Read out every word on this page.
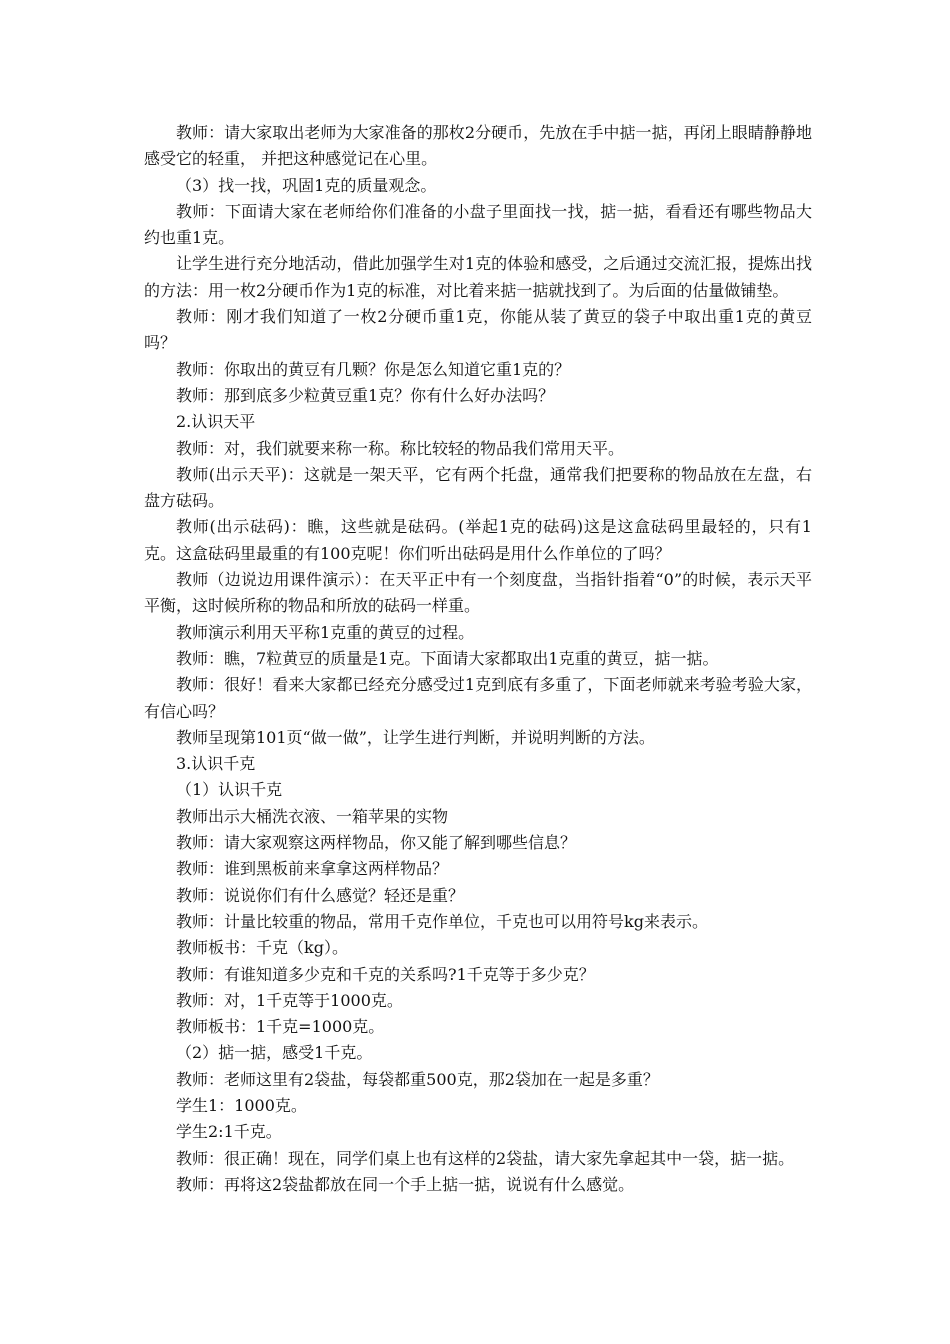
教师：请大家取出老师为大家准备的那枚2分硬币，先放在手中掂一掂，再闭上眼睛静静地感受它的轻重， 并把这种感觉记在心里。

（3）找一找，巩固1克的质量观念。

教师：下面请大家在老师给你们准备的小盘子里面找一找，掂一掂，看看还有哪些物品大约也重1克。

让学生进行充分地活动，借此加强学生对1克的体验和感受，之后通过交流汇报，提炼出找的方法：用一枚2分硬币作为1克的标准，对比着来掂一掂就找到了。为后面的估量做铺垫。

教师：刚才我们知道了一枚2分硬币重1克，你能从装了黄豆的袋子中取出重1克的黄豆吗？

教师：你取出的黄豆有几颗？你是怎么知道它重1克的？

教师：那到底多少粒黄豆重1克？你有什么好办法吗？

2.认识天平

教师：对，我们就要来称一称。称比较轻的物品我们常用天平。

教师(出示天平)：这就是一架天平，它有两个托盘，通常我们把要称的物品放在左盘，右盘方砝码。

教师(出示砝码)：瞧，这些就是砝码。(举起1克的砝码)这是这盒砝码里最轻的，只有1克。这盒砝码里最重的有100克呢！你们听出砝码是用什么作单位的了吗？

教师（边说边用课件演示）：在天平正中有一个刻度盘，当指针指着“0”的时候，表示天平平衡，这时候所称的物品和所放的砝码一样重。

教师演示利用天平称1克重的黄豆的过程。

教师：瞧，7粒黄豆的质量是1克。下面请大家都取出1克重的黄豆，掂一掂。

教师：很好！看来大家都已经充分感受过1克到底有多重了，下面老师就来考验考验大家，有信心吗？

教师呈现第101页“做一做”，让学生进行判断，并说明判断的方法。

3.认识千克

（1）认识千克

教师出示大桶洗衣液、一箱苹果的实物

教师：请大家观察这两样物品，你又能了解到哪些信息？

教师：谁到黑板前来拿拿这两样物品？

教师：说说你们有什么感觉？轻还是重？

教师：计量比较重的物品，常用千克作单位，千克也可以用符号kg来表示。

教师板书：千克（kg）。

教师：有谁知道多少克和千克的关系吗?1千克等于多少克？

教师：对，1千克等于1000克。

教师板书：1千克=1000克。

（2）掂一掂，感受1千克。

教师：老师这里有2袋盐，每袋都重500克，那2袋加在一起是多重？

学生1：1000克。

学生2:1千克。

教师：很正确！现在，同学们桌上也有这样的2袋盐，请大家先拿起其中一袋，掂一掂。

教师：再将这2袋盐都放在同一个手上掂一掂，说说有什么感觉。
